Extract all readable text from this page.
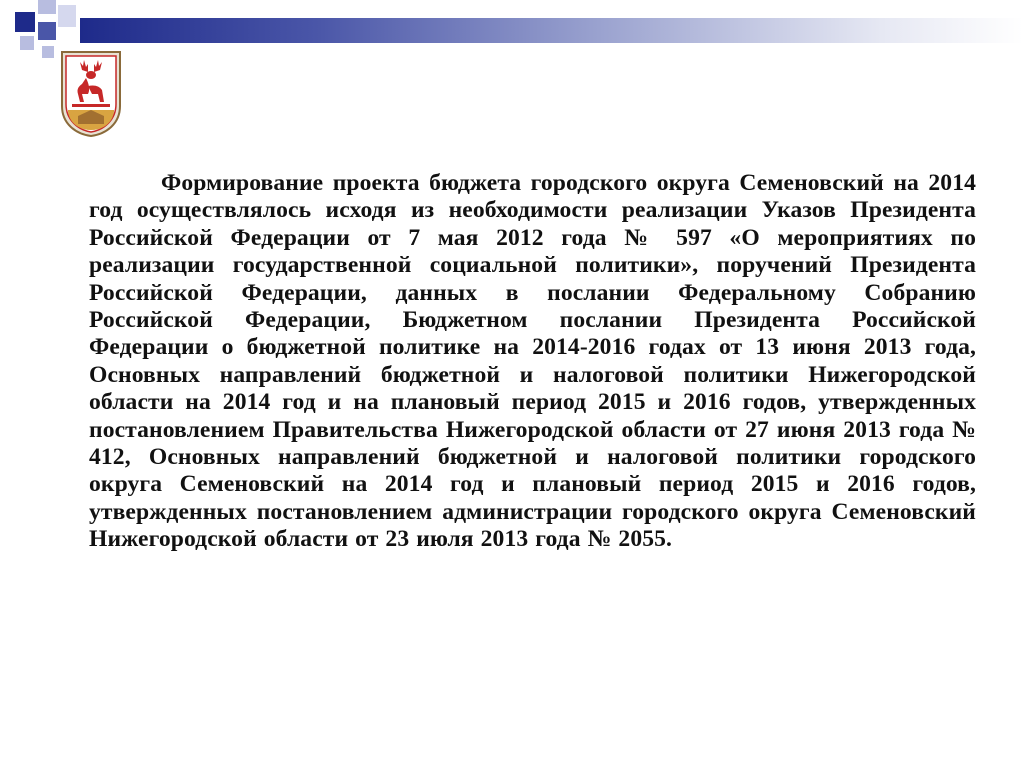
Формирование проекта бюджета городского округа Семеновский на 2014 год осуществлялось исходя из необходимости реализации Указов Президента Российской Федерации от 7 мая 2012 года № 597 «О мероприятиях по реализации государственной социальной политики», поручений Президента Российской Федерации, данных в послании Федеральному Собранию Российской Федерации, Бюджетном послании Президента Российской Федерации о бюджетной политике на 2014-2016 годах от 13 июня 2013 года, Основных направлений бюджетной и налоговой политики Нижегородской области на 2014 год и на плановый период 2015 и 2016 годов, утвержденных постановлением Правительства Нижегородской области от 27 июня 2013 года № 412, Основных направлений бюджетной и налоговой политики городского округа Семеновский на 2014 год и плановый период 2015 и 2016 годов, утвержденных постановлением администрации городского округа Семеновский Нижегородской области от 23 июля 2013 года № 2055.
